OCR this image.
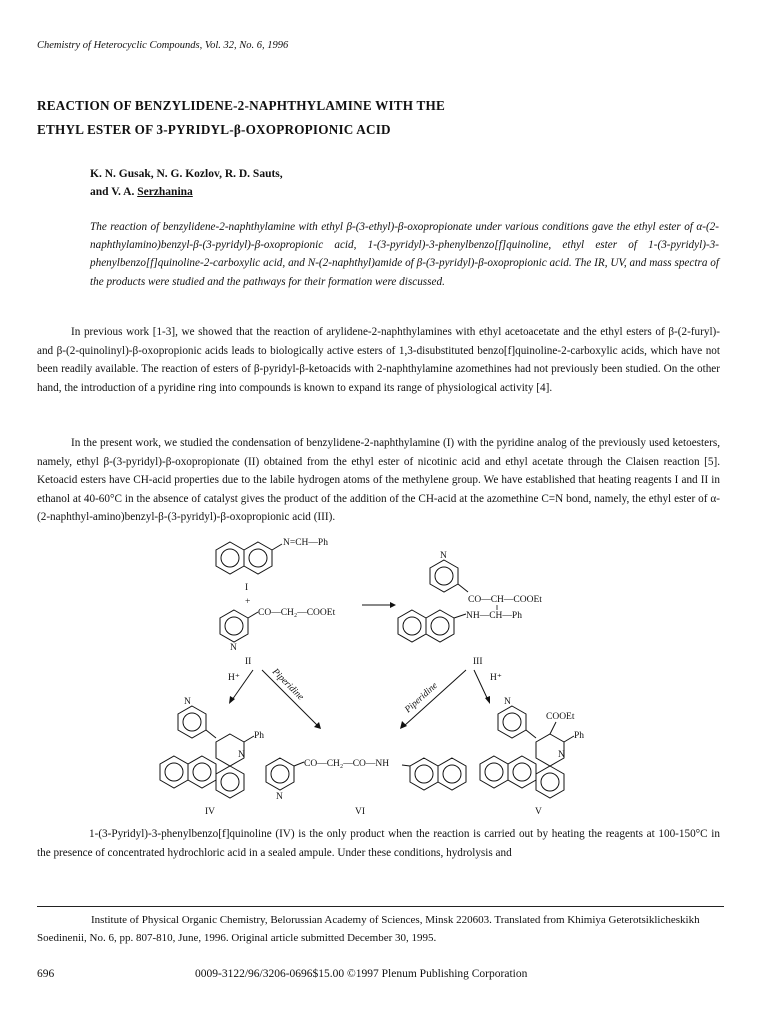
Chemistry of Heterocyclic Compounds, Vol. 32, No. 6, 1996
REACTION OF BENZYLIDENE-2-NAPHTHYLAMINE WITH THE
ETHYL ESTER OF 3-PYRIDYL-β-OXOPROPIONIC ACID
K. N. Gusak, N. G. Kozlov, R. D. Sauts,
and V. A. Serzhanina

The reaction of benzylidene-2-naphthylamine with ethyl β-(3-ethyl)-β-oxopropionate under various conditions gave the ethyl ester of α-(2-naphthylamino)benzyl-β-(3-pyridyl)-β-oxopropionic acid, 1-(3-pyridyl)-3-phenylbenzo[f]quinoline, ethyl ester of 1-(3-pyridyl)-3-phenylbenzo[f]quinoline-2-carboxylic acid, and N-(2-naphthyl)amide of β-(3-pyridyl)-β-oxopropionic acid. The IR, UV, and mass spectra of the products were studied and the pathways for their formation were discussed.

In previous work [1-3], we showed that the reaction of arylidene-2-naphthylamines with ethyl acetoacetate and the ethyl esters of β-(2-furyl)- and β-(2-quinolinyl)-β-oxopropionic acids leads to biologically active esters of 1,3-disubstituted benzo[f]quinoline-2-carboxylic acids, which have not been readily available. The reaction of esters of β-pyridyl-β-ketoacids with 2-naphthylamine azomethines had not previously been studied. On the other hand, the introduction of a pyridine ring into compounds is known to expand its range of physiological activity [4].

In the present work, we studied the condensation of benzylidene-2-naphthylamine (I) with the pyridine analog of the previously used ketoesters, namely, ethyl β-(3-pyridyl)-β-oxopropionate (II) obtained from the ethyl ester of nicotinic acid and ethyl acetate through the Claisen reaction [5]. Ketoacid esters have CH-acid properties due to the labile hydrogen atoms of the methylene group. We have established that heating reagents I and II in ethanol at 40-60°C in the absence of catalyst gives the product of the addition of the CH-acid at the azomethine C=N bond, namely, the ethyl ester of α-(2-naphthyl-amino)benzyl-β-(3-pyridyl)-β-oxopropionic acid (III).

N=CH—Ph
I
+
CO—CH₂—COOEt
N
II
N
CO—CH—COOEt
NH—CH—Ph
III
H⁺	Piperidine	Piperidine
H⁺
N
Ph
N
IV
CO—CH₂—CO—NH
N
VI
N
COOEt
Ph
N
V

1-(3-Pyridyl)-3-phenylbenzo[f]quinoline (IV) is the only product when the reaction is carried out by heating the reagents at 100-150°C in the presence of concentrated hydrochloric acid in a sealed ampule. Under these conditions, hydrolysis and

Institute of Physical Organic Chemistry, Belorussian Academy of Sciences, Minsk 220603. Translated from Khimiya Geterotsiklicheskikh Soedinenii, No. 6, pp. 807-810, June, 1996. Original article submitted December 30, 1995.

696	0009-3122/96/3206-0696$15.00 ©1997 Plenum Publishing Corporation
